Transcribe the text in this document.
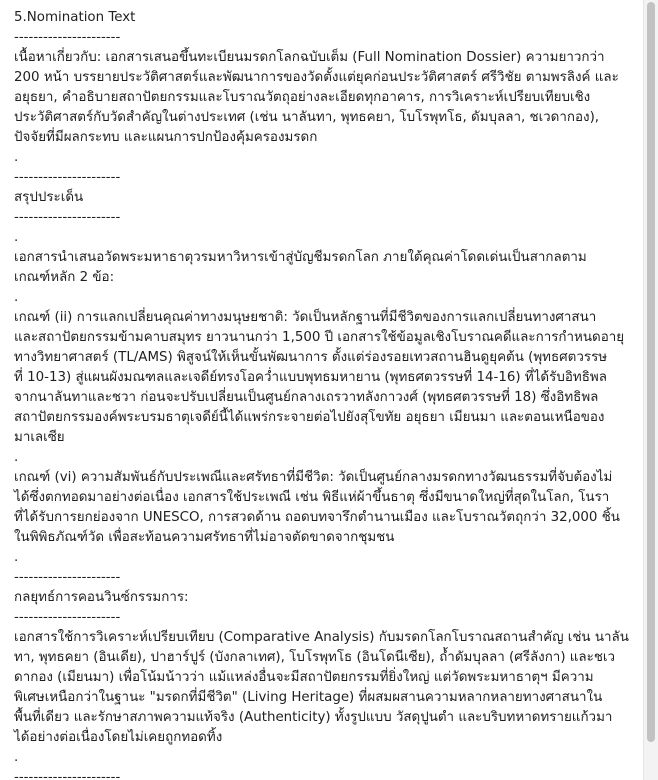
5.Nomination Text
----------------------
เนื้อหาเกี่ยวกับ: เอกสารเสนอขึ้นทะเบียนมรดกโลกฉบับเต็ม (Full Nomination Dossier) ความยาวกว่า
200 หน้า บรรยายประวัติศาสตร์และพัฒนาการของวัดตั้งแต่ยุคก่อนประวัติศาสตร์ ศรีวิชัย ตามพรลิงค์ และ
อยุธยา, คำอธิบายสถาปัตยกรรมและโบราณวัตถุอย่างละเอียดทุกอาคาร, การวิเคราะห์เปรียบเทียบเชิง
ประวัติศาสตร์กับวัดสำคัญในต่างประเทศ (เช่น นาลันทา, พุทธคยา, โบโรพุทโธ, ดัมบุลลา, ชเวดากอง),
ปัจจัยที่มีผลกระทบ และแผนการปกป้องคุ้มครองมรดก
.
----------------------
สรุปประเด็น
----------------------
.
เอกสารนำเสนอวัดพระมหาธาตุวรมหาวิหารเข้าสู่บัญชีมรดกโลก ภายใต้คุณค่าโดดเด่นเป็นสากลตาม
เกณฑ์หลัก 2 ข้อ:
.
เกณฑ์ (ii) การแลกเปลี่ยนคุณค่าทางมนุษยชาติ: วัดเป็นหลักฐานที่มีชีวิตของการแลกเปลี่ยนทางศาสนา
และสถาปัตยกรรมข้ามคาบสมุทร ยาวนานกว่า 1,500 ปี เอกสารใช้ข้อมูลเชิงโบราณคดีและการกำหนดอายุ
ทางวิทยาศาสตร์ (TL/AMS) พิสูจน์ให้เห็นขั้นพัฒนาการ ตั้งแต่ร่องรอยเทวสถานฮินดูยุคต้น (พุทธศตวรรษ
ที่ 10-13) สู่แผนผังมณฑลและเจดีย์ทรงโอคว่ำแบบพุทธมหายาน (พุทธศตวรรษที่ 14-16) ที่ได้รับอิทธิพล
จากนาลันทาและชวา ก่อนจะปรับเปลี่ยนเป็นศูนย์กลางเถรวาทลังกาวงศ์ (พุทธศตวรรษที่ 18) ซึ่งอิทธิพล
สถาปัตยกรรมองค์พระบรมธาตุเจดีย์นี้ได้แพร่กระจายต่อไปยังสุโขทัย อยุธยา เมียนมา และตอนเหนือของ
มาเลเซีย
.
เกณฑ์ (vi) ความสัมพันธ์กับประเพณีและศรัทธาที่มีชีวิต: วัดเป็นศูนย์กลางมรดกทางวัฒนธรรมที่จับต้องไม่
ได้ซึ่งตกทอดมาอย่างต่อเนื่อง เอกสารใช้ประเพณี เช่น พิธีแห่ผ้าขึ้นธาตุ ซึ่งมีขนาดใหญ่ที่สุดในโลก, โนรา
ที่ได้รับการยกย่องจาก UNESCO, การสวดด้าน ถอดบทจารึกตำนานเมือง และโบราณวัตถุกว่า 32,000 ชิ้น
ในพิพิธภัณฑ์วัด เพื่อสะท้อนความศรัทธาที่ไม่อาจตัดขาดจากชุมชน
.
----------------------
กลยุทธ์การคอนวินซ์กรรมการ:
----------------------
เอกสารใช้การวิเคราะห์เปรียบเทียบ (Comparative Analysis) กับมรดกโลกโบราณสถานสำคัญ เช่น นาลัน
ทา, พุทธคยา (อินเดีย), ปาฮาร์ปูร์ (บังกลาเทศ), โบโรพุทโธ (อินโดนีเซีย), ถ้ำดัมบุลลา (ศรีลังกา) และชเว
ดากอง (เมียนมา) เพื่อโน้มน้าวว่า แม้แหล่งอื่นจะมีสถาปัตยกรรมที่ยิ่งใหญ่ แต่วัดพระมหาธาตุฯ มีความ
พิเศษเหนือกว่าในฐานะ "มรดกที่มีชีวิต" (Living Heritage) ที่ผสมผสานความหลากหลายทางศาสนาใน
พื้นที่เดียว และรักษาสภาพความแท้จริง (Authenticity) ทั้งรูปแบบ วัสดุปูนตำ และบริบทหาดทรายแก้วมา
ได้อย่างต่อเนื่องโดยไม่เคยถูกทอดทิ้ง
.
----------------------
